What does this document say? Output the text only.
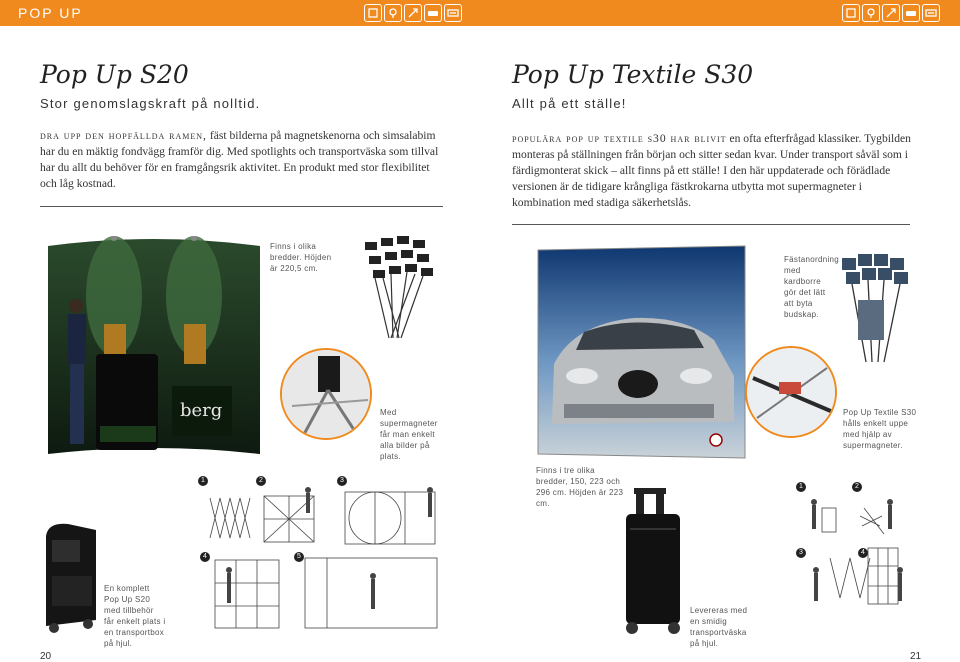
POP UP
Pop Up S20
Stor genomslagskraft på nolltid.
dra upp den hopfällda ramen, fäst bilderna på magnetskenorna och simsalabim har du en mäktig fondvägg framför dig. Med spotlights och transportväska som tillval har du allt du behöver för en framgångsrik aktivitet. En produkt med stor flexibilitet och låg kostnad.
berg
Finns i olika bredder. Höjden är 220,5 cm.
Med supermagneter får man enkelt alla bilder på plats.
1	2	3
4	5
En komplett Pop Up S20 med tillbehör får enkelt plats i en transportbox på hjul.
20
Pop Up Textile S30
Allt på ett ställe!
populära pop up textile s30 har blivit en ofta efterfrågad klassiker. Tygbilden monteras på ställningen från början och sitter sedan kvar. Under transport såväl som i färdigmonterat skick – allt finns på ett ställe! I den här uppdaterade och förädlade versionen är de tidigare krångliga fästkrokarna utbytta mot supermagneter i kombination med stadiga säkerhetslås.
Fästanordning med kardborre gör det lätt att byta budskap.
Pop Up Textile S30 hålls enkelt uppe med hjälp av supermagneter.
Finns i tre olika bredder, 150, 223 och 296 cm. Höjden är 223 cm.
Levereras med en smidig transportväska på hjul.
1	2
3	4
21
